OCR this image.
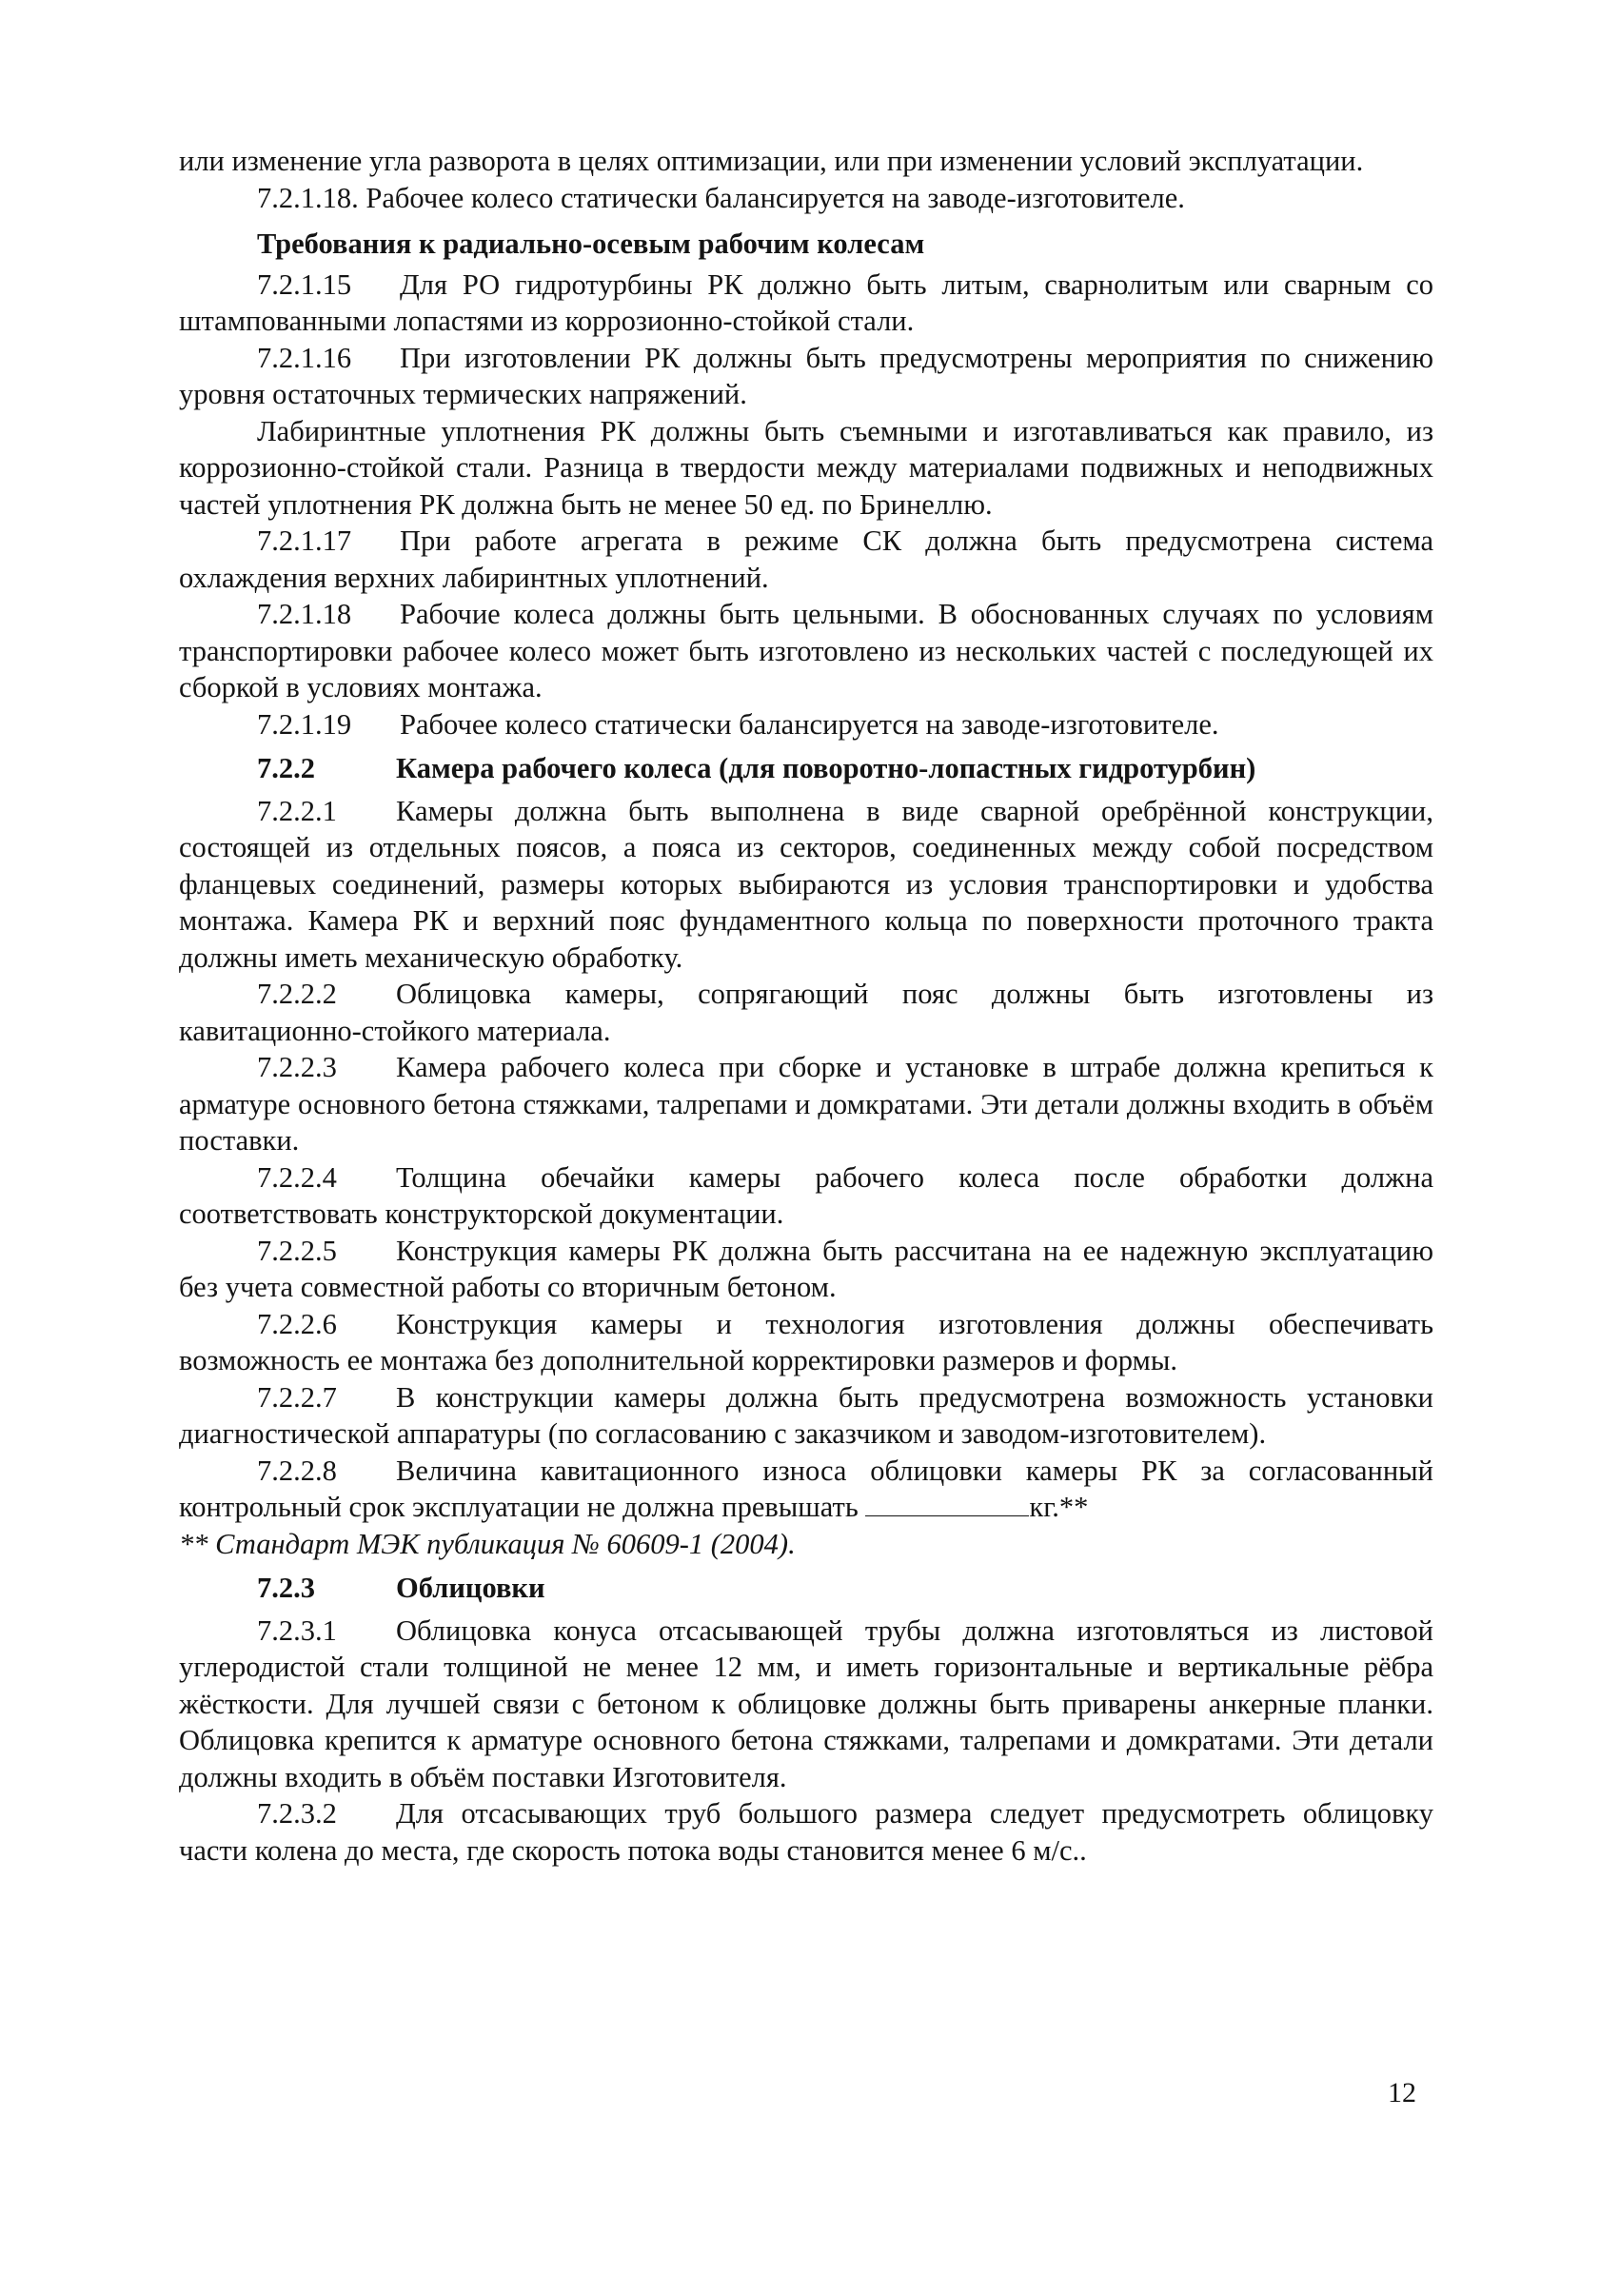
или изменение угла разворота в целях оптимизации, или при изменении условий эксплуатации.

7.2.1.18. Рабочее колесо статически балансируется на заводе-изготовителе.

Требования к радиально-осевым рабочим колесам

7.2.1.15 Для РО гидротурбины РК должно быть литым, сварнолитым или сварным со штампованными лопастями из коррозионно-стойкой стали.

7.2.1.16 При изготовлении РК должны быть предусмотрены мероприятия по снижению уровня остаточных термических напряжений.

Лабиринтные уплотнения РК должны быть съемными и изготавливаться как правило, из коррозионно-стойкой стали. Разница в твердости между материалами подвижных и неподвижных частей уплотнения РК должна быть не менее 50 ед. по Бринеллю.

7.2.1.17 При работе агрегата в режиме СК должна быть предусмотрена система охлаждения верхних лабиринтных уплотнений.

7.2.1.18 Рабочие колеса должны быть цельными. В обоснованных случаях по условиям транспортировки рабочее колесо может быть изготовлено из нескольких частей с последующей их сборкой в условиях монтажа.

7.2.1.19 Рабочее колесо статически балансируется на заводе-изготовителе.

7.2.2	Камера рабочего колеса (для поворотно-лопастных гидротурбин)

7.2.2.1 Камеры должна быть выполнена в виде сварной оребрённой конструкции, состоящей из отдельных поясов, а пояса из секторов, соединенных между собой посредством фланцевых соединений, размеры которых выбираются из условия транспортировки и удобства монтажа. Камера РК и верхний пояс фундаментного кольца по поверхности проточного тракта должны иметь механическую обработку.

7.2.2.2 Облицовка камеры, сопрягающий пояс должны быть изготовлены из кавитационно-стойкого материала.

7.2.2.3 Камера рабочего колеса при сборке и установке в штрабе должна крепиться к арматуре основного бетона стяжками, талрепами и домкратами. Эти детали должны входить в объём поставки.

7.2.2.4 Толщина обечайки камеры рабочего колеса после обработки должна соответствовать конструкторской документации.

7.2.2.5 Конструкция камеры РК должна быть рассчитана на ее надежную эксплуатацию без учета совместной работы со вторичным бетоном.

7.2.2.6 Конструкция камеры и технология изготовления должны обеспечивать возможность ее монтажа без дополнительной корректировки размеров и формы.

7.2.2.7 В конструкции камеры должна быть предусмотрена возможность установки диагностической аппаратуры (по согласованию с заказчиком и заводом-изготовителем).

7.2.2.8 Величина кавитационного износа облицовки камеры РК за согласованный контрольный срок эксплуатации не должна превышать	кг.**

** Стандарт МЭК публикация № 60609-1 (2004).

7.2.3	Облицовки

7.2.3.1 Облицовка конуса отсасывающей трубы должна изготовляться из листовой углеродистой стали толщиной не менее 12 мм, и иметь горизонтальные и вертикальные рёбра жёсткости. Для лучшей связи с бетоном к облицовке должны быть приварены анкерные планки. Облицовка крепится к арматуре основного бетона стяжками, талрепами и домкратами. Эти детали должны входить в объём поставки Изготовителя.

7.2.3.2 Для отсасывающих труб большого размера следует предусмотреть облицовку части колена до места, где скорость потока воды становится менее 6 м/с..

12
